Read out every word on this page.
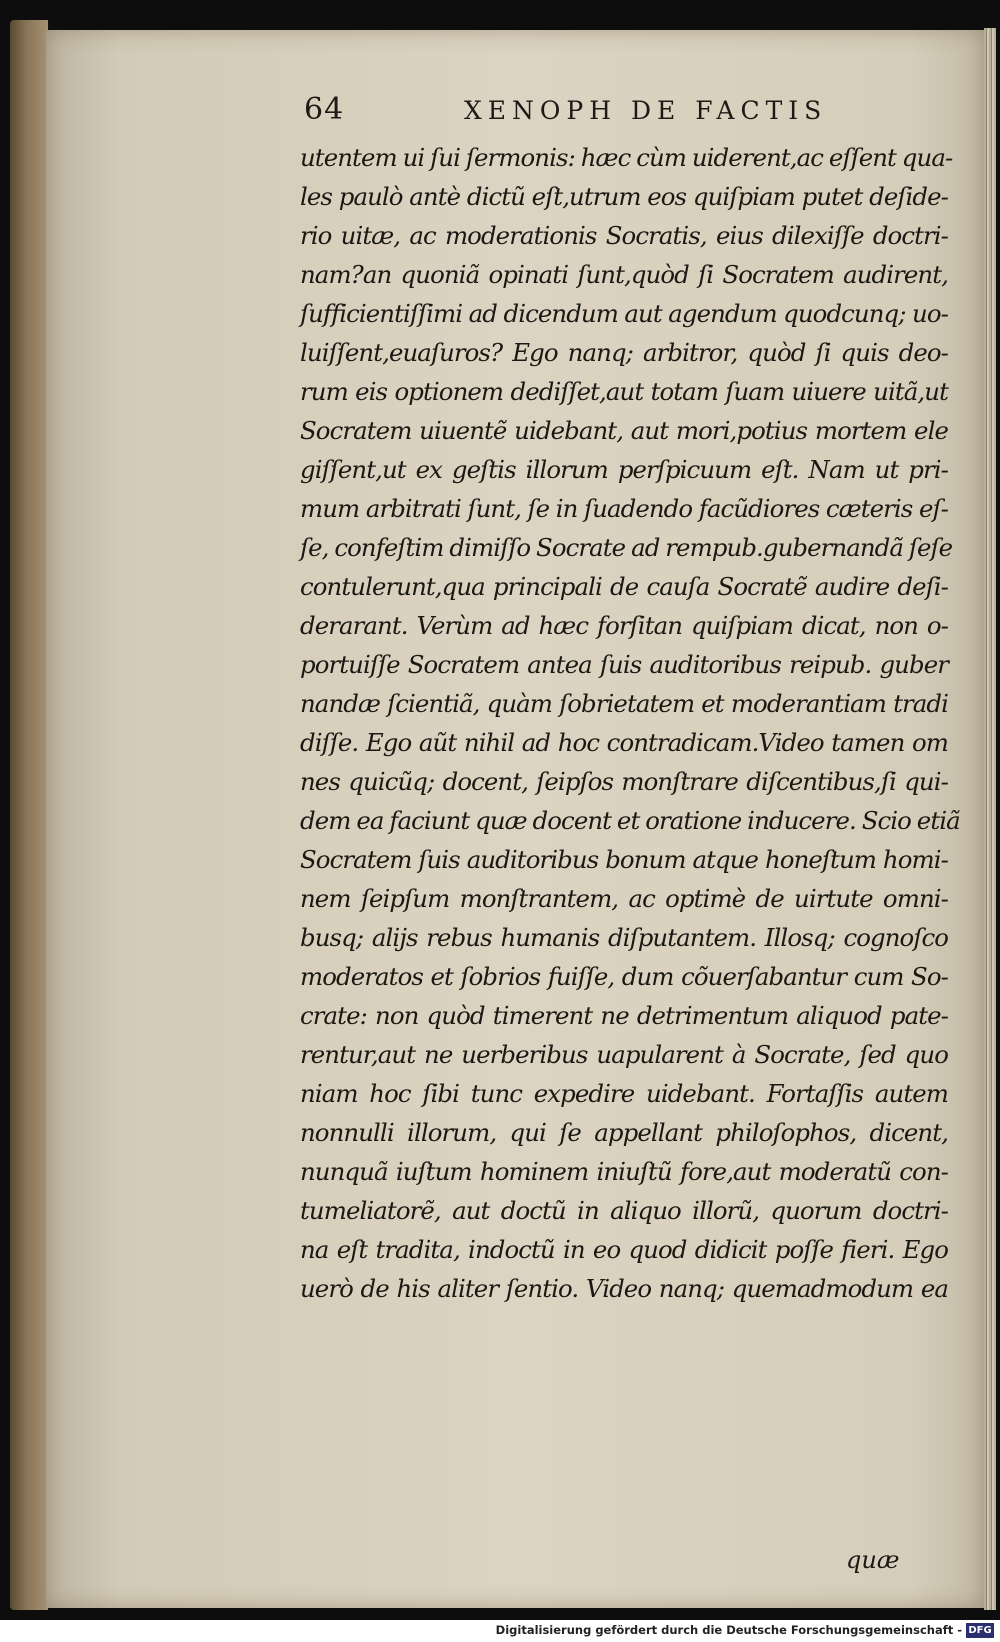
64	XENOPH DE FACTIS
utentem ui ſui ſermonis: hæc cùm uiderent,ac eſſent qua-
les paulò antè dictũ eſt,utrum eos quiſpiam putet deſide-
rio uitæ, ac moderationis Socratis, eius dilexiſſe doctri-
nam?an quoniã opinati ſunt,quòd ſi Socratem audirent,
ſufficientiſſimi ad dicendum aut agendum quodcunq; uo-
luiſſent,euaſuros? Ego nanq; arbitror, quòd ſi quis deo-
rum eis optionem dediſſet,aut totam ſuam uiuere uitã,ut
Socratem uiuentẽ uidebant, aut mori,potius mortem ele
giſſent,ut ex geſtis illorum perſpicuum eſt. Nam ut pri-
mum arbitrati ſunt, ſe in ſuadendo facũdiores cæteris eſ-
ſe, confeſtim dimiſſo Socrate ad rempub.gubernandã ſeſe
contulerunt,qua principali de cauſa Socratẽ audire deſi-
derarant. Verùm ad hæc forſitan quiſpiam dicat, non o-
portuiſſe Socratem antea ſuis auditoribus reipub. guber
nandæ ſcientiã, quàm ſobrietatem et moderantiam tradi
diſſe. Ego aũt nihil ad hoc contradicam.Video tamen om
nes quicũq; docent, ſeipſos monſtrare diſcentibus,ſi qui-
dem ea faciunt quæ docent et oratione inducere. Scio etiã
Socratem ſuis auditoribus bonum atque honeſtum homi-
nem ſeipſum monſtrantem, ac optimè de uirtute omni-
busq; alijs rebus humanis diſputantem. Illosq; cognoſco
moderatos et ſobrios fuiſſe, dum cõuerſabantur cum So-
crate: non quòd timerent ne detrimentum aliquod pate-
rentur,aut ne uerberibus uapularent à Socrate, ſed quo
niam hoc ſibi tunc expedire uidebant. Fortaſſis autem
nonnulli illorum, qui ſe appellant philoſophos, dicent,
nunquã iuſtum hominem iniuſtũ fore,aut moderatũ con-
tumeliatorẽ, aut doctũ in aliquo illorũ, quorum doctri-
na eſt tradita, indoctũ in eo quod didicit poſſe fieri. Ego
uerò de his aliter ſentio. Video nanq; quemadmodum ea
quæ
Digitalisierung gefördert durch die Deutsche Forschungsgemeinschaft - DFG
